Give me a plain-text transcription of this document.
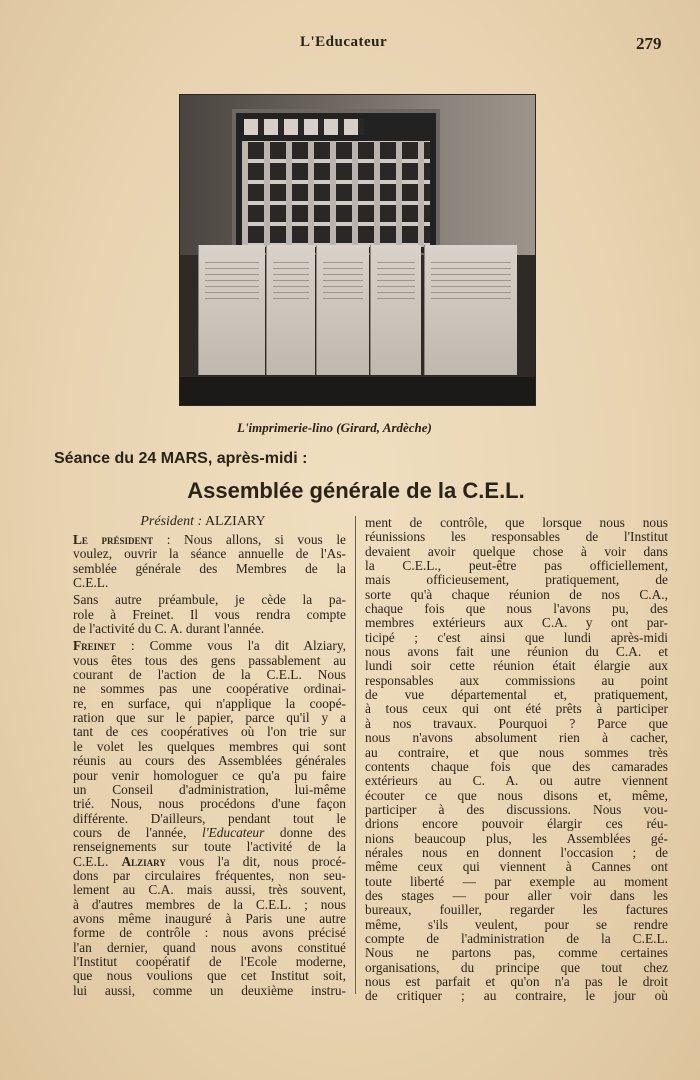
L'Educateur	279
L'imprimerie-lino (Girard, Ardèche)
Séance du 24 MARS, après-midi :
Assemblée générale de la C.E.L.
Président : ALZIARY

Le président : Nous allons, si vous le
voulez, ouvrir la séance annuelle de l'As-
semblée générale des Membres de la
C.E.L.

Sans autre préambule, je cède la pa-
role à Freinet. Il vous rendra compte
de l'activité du C. A. durant l'année.

Freinet : Comme vous l'a dit Alziary,
vous êtes tous des gens passablement au
courant de l'action de la C.E.L. Nous
ne sommes pas une coopérative ordinai-
re, en surface, qui n'applique la coopé-
ration que sur le papier, parce qu'il y a
tant de ces coopératives où l'on trie sur
le volet les quelques membres qui sont
réunis au cours des Assemblées générales
pour venir homologuer ce qu'a pu faire
un Conseil d'administration, lui-même
trié. Nous, nous procédons d'une façon
différente. D'ailleurs, pendant tout le
cours de l'année, l'Educateur donne des
renseignements sur toute l'activité de la
C.E.L. Alziary vous l'a dit, nous procé-
dons par circulaires fréquentes, non seu-
lement au C.A. mais aussi, très souvent,
à d'autres membres de la C.E.L. ; nous
avons même inauguré à Paris une autre
forme de contrôle : nous avons précisé
l'an dernier, quand nous avons constitué
l'Institut coopératif de l'Ecole moderne,
que nous voulions que cet Institut soit,
lui aussi, comme un deuxième instru-

ment de contrôle, que lorsque nous nous
réunissions les responsables de l'Institut
devaient avoir quelque chose à voir dans
la C.E.L., peut-être pas officiellement,
mais officieusement, pratiquement, de
sorte qu'à chaque réunion de nos C.A.,
chaque fois que nous l'avons pu, des
membres extérieurs aux C.A. y ont par-
ticipé ; c'est ainsi que lundi après-midi
nous avons fait une réunion du C.A. et
lundi soir cette réunion était élargie aux
responsables aux commissions au point
de vue départemental et, pratiquement,
à tous ceux qui ont été prêts à participer
à nos travaux. Pourquoi ? Parce que
nous n'avons absolument rien à cacher,
au contraire, et que nous sommes très
contents chaque fois que des camarades
extérieurs au C. A. ou autre viennent
écouter ce que nous disons et, même,
participer à des discussions. Nous vou-
drions encore pouvoir élargir ces réu-
nions beaucoup plus, les Assemblées gé-
nérales nous en donnent l'occasion ; de
même ceux qui viennent à Cannes ont
toute liberté — par exemple au moment
des stages — pour aller voir dans les
bureaux, fouiller, regarder les factures
même, s'ils veulent, pour se rendre
compte de l'administration de la C.E.L.
Nous ne partons pas, comme certaines
organisations, du principe que tout chez
nous est parfait et qu'on n'a pas le droit
de critiquer ; au contraire, le jour où
